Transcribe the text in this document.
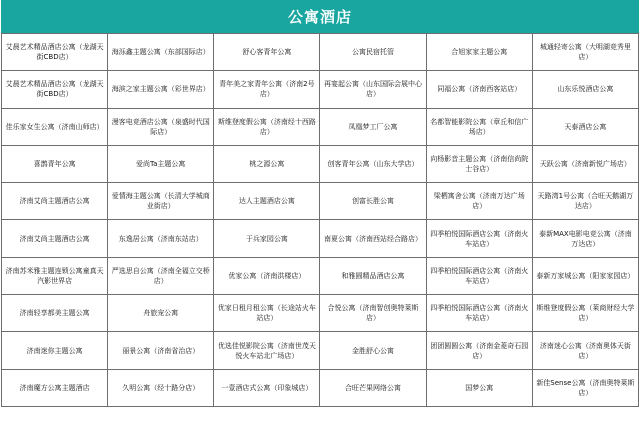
公寓酒店
艾晨艺术精品酒店公寓（龙湖天街CBD店）	海泺鑫主题公寓（东部国际店）	舒心客青年公寓	公寓民宿托管	合旭家家主题公寓	城通轻寄公寓（大明湖竞秀里店）
艾晨艺术精品酒店公寓（龙湖天街CBD店）	海滨之家主题公寓（彩世界店）	青年美之家青年公寓（济南2号店）	再宴起公寓（山东国际会展中心店）	同福公寓（济南西客站店）	山东乐悦酒店公寓
佳乐家女生公寓（济南山师店）	漫客电竞酒店公寓（泉盛时代国际店）	斯维登度假公寓（济南经十西路店）	凤凰梦工厂公寓	名都智能影院公寓（章丘和信广场店）	天泰酒店公寓
喜鹊青年公寓	爱尚Ta主题公寓	桃之源公寓	创客青年公寓（山东大学店）	向杨影音主题公寓（济南信尚院士谷店）	天跃公寓（济南新悦广场店）
济南艾尚主题酒店公寓	爱情海主题公寓（长清大学城商业街店）	达人主题酒店公寓	创富长胜公寓	梁栖寓舍公寓（济南万达广场店）	天路湾1号公寓（合旺天鹅湖万达店）
济南艾尚主题酒店公寓	东逸居公寓（济南东站店）	于兵家园公寓	南夏公寓（济南西站经合路店）	四季柏悦国际酒店公寓（济南火车站店）	泰新MAX电影电竞公寓（济南万达店）
济南苏米雅主题连锁公寓童真天汽影世界店	严选思自公寓（济南全福立交桥店）	优家公寓（济南洪楼店）	和雅圆精品酒店公寓	四季柏悦国际酒店公寓（济南火车站店）	泰新万家城公寓（阳家家园店）
济南轻享都美主题公寓	舟旅宠公寓	优家日租月租公寓（长途站火车站店）	合悦公寓（济南智创奥特莱斯店）	四季柏悦国际酒店公寓（济南火车站店）	斯维登度假公寓（莱商财经大学店）
济南迷你主题公寓	丽景公寓（济南省治店）	优选佳悦影院公寓（济南世茂天悦火车站北广场店）	金胜舒心公寓	团团圆圆公寓（济南金菱奇石园店）	济南迷心公寓（济南奥体天街店）
济南魔方公寓主题酒店	久明公寓（经十路分店）	一壹酒店式公寓（印象城店）	合旺芒果网络公寓	国梦公寓	新佳Sense公寓（济南奥特莱斯店）
